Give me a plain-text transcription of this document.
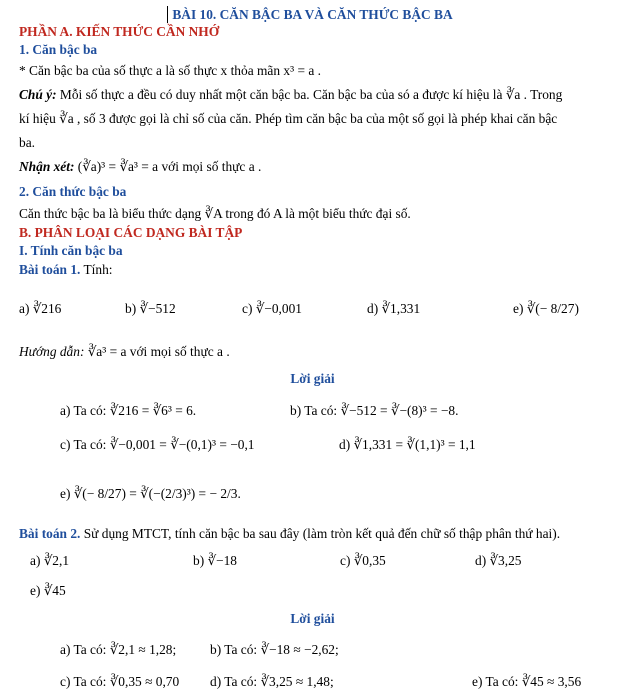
BÀI 10. CĂN BẬC BA VÀ CĂN THỨC BẬC BA
PHẦN A. KIẾN THỨC CẦN NHỚ
1. Căn bậc ba
* Căn bậc ba của số thực a là số thực x thỏa mãn x³ = a .
Chú ý: Mỗi số thực a đều có duy nhất một căn bậc ba. Căn bậc ba của só a được kí hiệu là ∛a . Trong
kí hiệu ∛a , số 3 được gọi là chỉ số của căn. Phép tìm căn bậc ba của một số gọi là phép khai căn bậc
ba.
Nhận xét: (∛a)³ = ∛a³ = a với mọi số thực a .
2. Căn thức bậc ba
Căn thức bậc ba là biểu thức dạng ∛A trong đó A là một biểu thức đại số.
B. PHÂN LOẠI CÁC DẠNG BÀI TẬP
I. Tính căn bậc ba
Bài toán 1. Tính:
a) ∛216	b) ∛−512	c) ∛−0,001	d) ∛1,331	e) ∛(− 8/27)
Hướng dẫn: ∛a³ = a với mọi số thực a .
Lời giải
a) Ta có: ∛216 = ∛6³ = 6.	b) Ta có: ∛−512 = ∛−(8)³ = −8.
c) Ta có: ∛−0,001 = ∛−(0,1)³ = −0,1	d) ∛1,331 = ∛(1,1)³ = 1,1
e) ∛(− 8/27) = ∛(−(2/3)³) = − 2/3.
Bài toán 2. Sử dụng MTCT, tính căn bậc ba sau đây (làm tròn kết quả đến chữ số thập phân thứ hai).
a) ∛2,1	b) ∛−18	c) ∛0,35	d) ∛3,25
e) ∛45
Lời giải
a) Ta có: ∛2,1 ≈ 1,28;	b) Ta có: ∛−18 ≈ −2,62;
c) Ta có: ∛0,35 ≈ 0,70 d) Ta có: ∛3,25 ≈ 1,48;	e) Ta có: ∛45 ≈ 3,56
